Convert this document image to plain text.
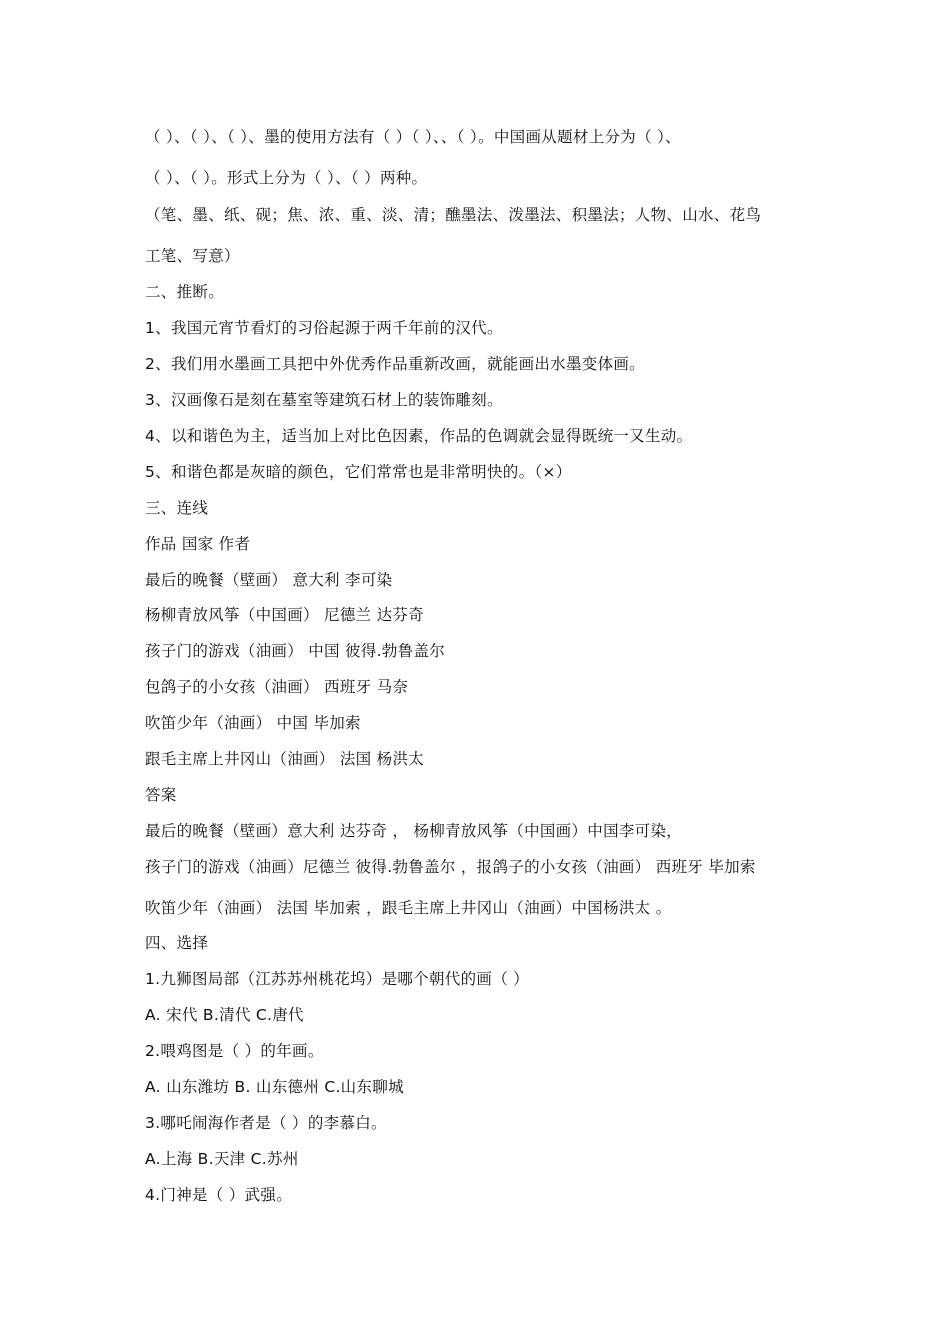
（ ）、（ ）、（ ）、墨的使用方法有（ ）（ ）、、（ ）。中国画从题材上分为（ ）、
（ ）、（ ）。形式上分为（ ）、（ ）两种。
（笔、墨、纸、砚；焦、浓、重、淡、清；醮墨法、泼墨法、积墨法；人物、山水、花鸟
工笔、写意）
二、推断。
1、我国元宵节看灯的习俗起源于两千年前的汉代。
2、我们用水墨画工具把中外优秀作品重新改画，就能画出水墨变体画。
3、汉画像石是刻在墓室等建筑石材上的装饰雕刻。
4、以和谐色为主，适当加上对比色因素，作品的色调就会显得既统一又生动。
5、和谐色都是灰暗的颜色，它们常常也是非常明快的。（×）
三、连线
作品 国家 作者
最后的晚餐（壁画） 意大利 李可染
杨柳青放风筝（中国画） 尼德兰 达芬奇
孩子门的游戏（油画） 中国 彼得.勃鲁盖尔
包鸽子的小女孩（油画） 西班牙 马奈
吹笛少年（油画） 中国 毕加索
跟毛主席上井冈山（油画） 法国 杨洪太
答案
最后的晚餐（壁画）意大利 达芬奇 ， 杨柳青放风筝（中国画）中国李可染，
孩子门的游戏（油画）尼德兰 彼得.勃鲁盖尔 ，报鸽子的小女孩（油画） 西班牙 毕加索
吹笛少年（油画） 法国 毕加索 ，跟毛主席上井冈山（油画）中国杨洪太 。
四、选择
1.九狮图局部（江苏苏州桃花坞）是哪个朝代的画（ ）
A. 宋代 B.清代 C.唐代
2.喂鸡图是（ ）的年画。
A. 山东潍坊 B. 山东德州 C.山东聊城
3.哪吒闹海作者是（ ）的李慕白。
A.上海 B.天津 C.苏州
4.门神是（ ）武强。
